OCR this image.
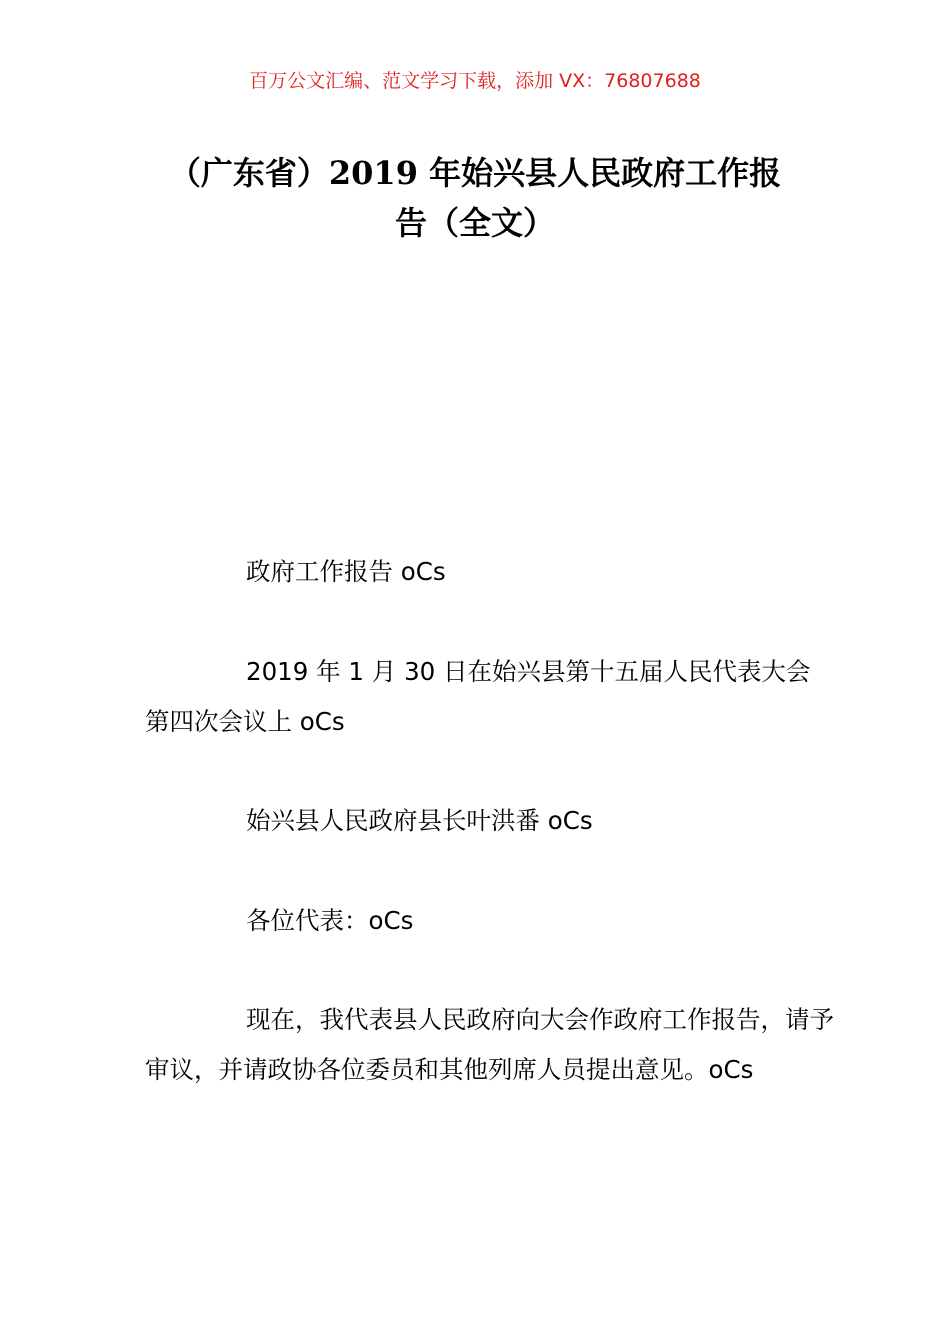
百万公文汇编、范文学习下载，添加 VX：76807688
（广东省）2019 年始兴县人民政府工作报
告（全文）

政府工作报告 oCs

2019 年 1 月 30 日在始兴县第十五届人民代表大会第四次会议上 oCs

始兴县人民政府县长叶洪番 oCs

各位代表：oCs

现在，我代表县人民政府向大会作政府工作报告，请予审议，并请政协各位委员和其他列席人员提出意见。oCs
